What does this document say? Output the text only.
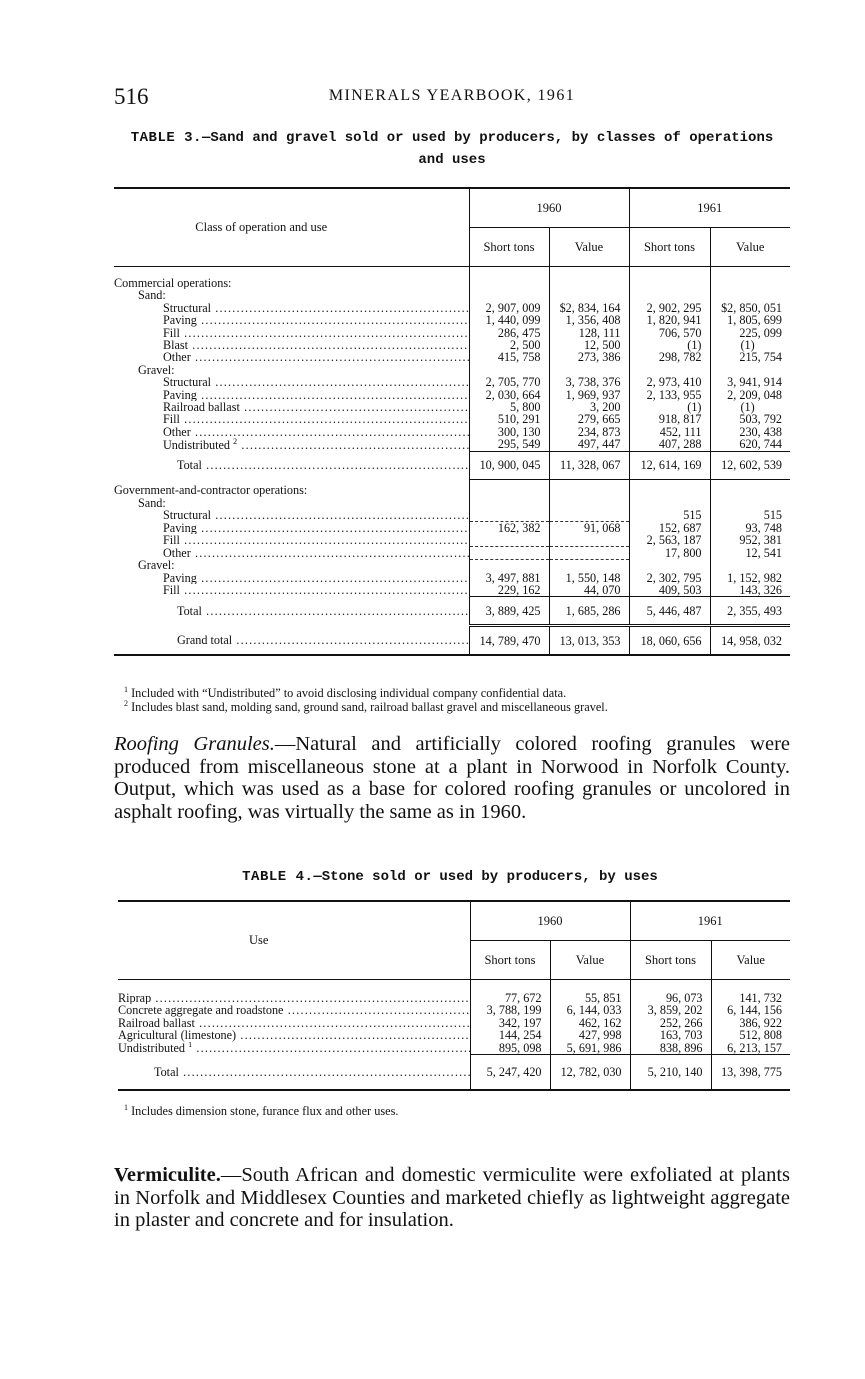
516	MINERALS YEARBOOK, 1961
TABLE 3.—Sand and gravel sold or used by producers, by classes of operations
and uses
Class of operation and use	1960		1961	
	Short tons	Value	Short tons	Value

Commercial operations:				
Sand:				
Structural .....	2, 907, 009	$2, 834, 164	2, 902, 295	$2, 850, 051
Paving .....	1, 440, 099	1, 356, 408	1, 820, 941	1, 805, 699
Fill .....	286, 475	128, 111	706, 570	225, 099
Blast .....	2, 500	12, 500	(1)	(1)
Other .....	415, 758	273, 386	298, 782	215, 754
Gravel:				
Structural .....	2, 705, 770	3, 738, 376	2, 973, 410	3, 941, 914
Paving .....	2, 030, 664	1, 969, 937	2, 133, 955	2, 209, 048
Railroad ballast .....	5, 800	3, 200	(1)	(1)
Fill .....	510, 291	279, 665	918, 817	503, 792
Other .....	300, 130	234, 873	452, 111	230, 438
Undistributed $^2$ .....	295, 549	497, 447	407, 288	620, 744
Total .....	10, 900, 045	11, 328, 067	12, 614, 169	12, 602, 539

Government-and-contractor operations:				
Sand:				
Structural .....			515	515
Paving .....	162, 382	91, 068	152, 687	93, 748
Fill .....			2, 563, 187	952, 381
Other .....			17, 800	12, 541
Gravel:				
Paving .....	3, 497, 881	1, 550, 148	2, 302, 795	1, 152, 982
Fill .....	229, 162	44, 070	409, 503	143, 326
Total .....	3, 889, 425	1, 685, 286	5, 446, 487	2, 355, 493
Grand total .....	14, 789, 470	13, 013, 353	18, 060, 656	14, 958, 032
$^1$ Included with “Undistributed” to avoid disclosing individual company confidential data.
$^2$ Includes blast sand, molding sand, ground sand, railroad ballast gravel and miscellaneous gravel.

Roofing Granules.—Natural and artificially colored roofing granules were produced from miscellaneous stone at a plant in Norwood in Norfolk County. Output, which was used as a base for colored roofing granules or uncolored in asphalt roofing, was virtually the same as in 1960.

TABLE 4.—Stone sold or used by producers, by uses
Use	1960		1961	
	Short tons	Value	Short tons	Value

Riprap .....	77, 672	55, 851	96, 073	141, 732
Concrete aggregate and roadstone .....	3, 788, 199	6, 144, 033	3, 859, 202	6, 144, 156
Railroad ballast .....	342, 197	462, 162	252, 266	386, 922
Agricultural (limestone) .....	144, 254	427, 998	163, 703	512, 808
Undistributed $^1$ .....	895, 098	5, 691, 986	838, 896	6, 213, 157
Total .....	5, 247, 420	12, 782, 030	5, 210, 140	13, 398, 775
$^1$ Includes dimension stone, furance flux and other uses.

Vermiculite.—South African and domestic vermiculite were exfoliated at plants in Norfolk and Middlesex Counties and marketed chiefly as lightweight aggregate in plaster and concrete and for insulation.
